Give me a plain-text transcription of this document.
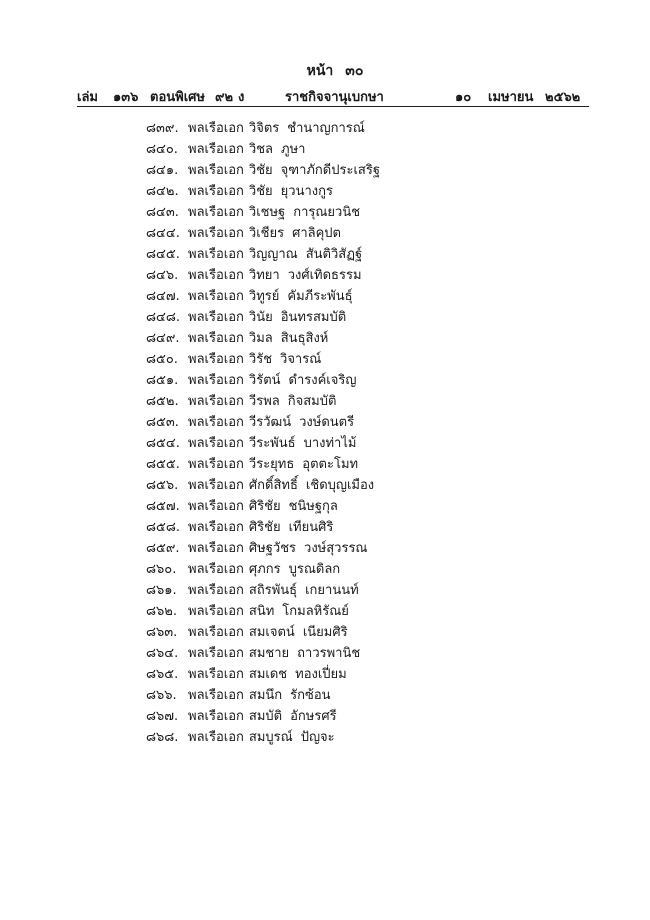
หน้า ๓๐
เล่ม ๑๓๖ ตอนพิเศษ ๙๒ ง	ราชกิจจานุเบกษา	๑๐ เมษายน ๒๕๖๒
๘๓๙. พลเรือเอก วิจิตร ชำนาญการณ์
๘๔๐. พลเรือเอก วิชล ภูษา
๘๔๑. พลเรือเอก วิชัย จุฑาภักดีประเสริฐ
๘๔๒. พลเรือเอก วิชัย ยุวนางกูร
๘๔๓. พลเรือเอก วิเชษฐ การุณยวนิช
๘๔๔. พลเรือเอก วิเชียร ศาลิคุปต
๘๔๕. พลเรือเอก วิญญาณ สันติวิสัฏฐ์
๘๔๖. พลเรือเอก วิทยา วงศ์เทิดธรรม
๘๔๗. พลเรือเอก วิทูรย์ คัมภีระพันธุ์
๘๔๘. พลเรือเอก วินัย อินทรสมบัติ
๘๔๙. พลเรือเอก วิมล สินธุสิงห์
๘๕๐. พลเรือเอก วิรัช วิจารณ์
๘๕๑. พลเรือเอก วิรัตน์ ดำรงค์เจริญ
๘๕๒. พลเรือเอก วีรพล กิจสมบัติ
๘๕๓. พลเรือเอก วีรวัฒน์ วงษ์ดนตรี
๘๕๔. พลเรือเอก วีระพันธ์ บางท่าไม้
๘๕๕. พลเรือเอก วีระยุทธ อุตตะโมท
๘๕๖. พลเรือเอก ศักดิ์สิทธิ์ เชิดบุญเมือง
๘๕๗. พลเรือเอก ศิริชัย ชนิษฐกุล
๘๕๘. พลเรือเอก ศิริชัย เทียนศิริ
๘๕๙. พลเรือเอก ศิษฐวัชร วงษ์สุวรรณ
๘๖๐. พลเรือเอก ศุภกร บูรณดิลก
๘๖๑. พลเรือเอก สถิรพันธุ์ เกยานนท์
๘๖๒. พลเรือเอก สนิท โกมลหิรัณย์
๘๖๓. พลเรือเอก สมเจตน์ เนียมศิริ
๘๖๔. พลเรือเอก สมชาย ถาวรพานิช
๘๖๕. พลเรือเอก สมเดช ทองเปี่ยม
๘๖๖. พลเรือเอก สมนึก รักซ้อน
๘๖๗. พลเรือเอก สมบัติ อักษรศรี
๘๖๘. พลเรือเอก สมบูรณ์ ปัญจะ
